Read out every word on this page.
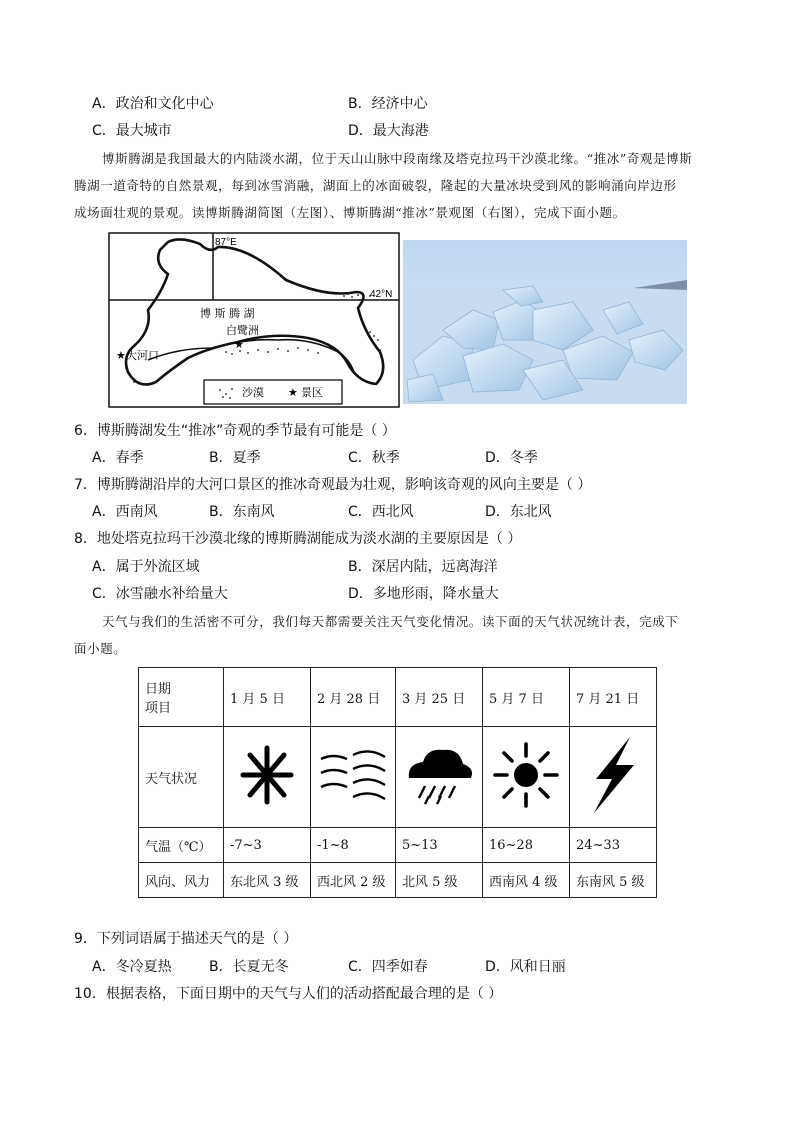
A．政治和文化中心	B．经济中心
C．最大城市	D．最大海港
博斯腾湖是我国最大的内陆淡水湖，位于天山山脉中段南缘及塔克拉玛干沙漠北缘。“推冰”奇观是博斯
腾湖一道奇特的自然景观，每到冰雪消融，湖面上的冰面破裂，隆起的大量冰块受到风的影响涌向岸边形
成场面壮观的景观。读博斯腾湖简图（左图）、博斯腾湖“推冰”景观图（右图），完成下面小题。
87°E
42°N
博 斯 腾 湖
白鹭洲
★
★ 大河口
沙漠 ★ 景区
6．博斯腾湖发生“推冰”奇观的季节最有可能是（ ）
A．春季	B．夏季	C．秋季	D．冬季
7．博斯腾湖沿岸的大河口景区的推冰奇观最为壮观，影响该奇观的风向主要是（ ）
A．西南风	B．东南风	C．西北风	D．东北风
8．地处塔克拉玛干沙漠北缘的博斯腾湖能成为淡水湖的主要原因是（ ）
A．属于外流区域	B．深居内陆，远离海洋
C．冰雪融水补给量大	D．多地形雨，降水量大
天气与我们的生活密不可分，我们每天都需要关注天气变化情况。读下面的天气状况统计表，完成下
面小题。
日期
项目	1 月 5 日	2 月 28 日	3 月 25 日	5 月 7 日	7 月 21 日
天气状况					
气温（℃）	-7~3	-1~8	5~13	16~28	24~33
风向、风力	东北风 3 级	西北风 2 级	北风 5 级	西南风 4 级	东南风 5 级
9．下列词语属于描述天气的是（ ）
A．冬冷夏热	B．长夏无冬	C．四季如春	D．风和日丽
10．根据表格，下面日期中的天气与人们的活动搭配最合理的是（ ）
